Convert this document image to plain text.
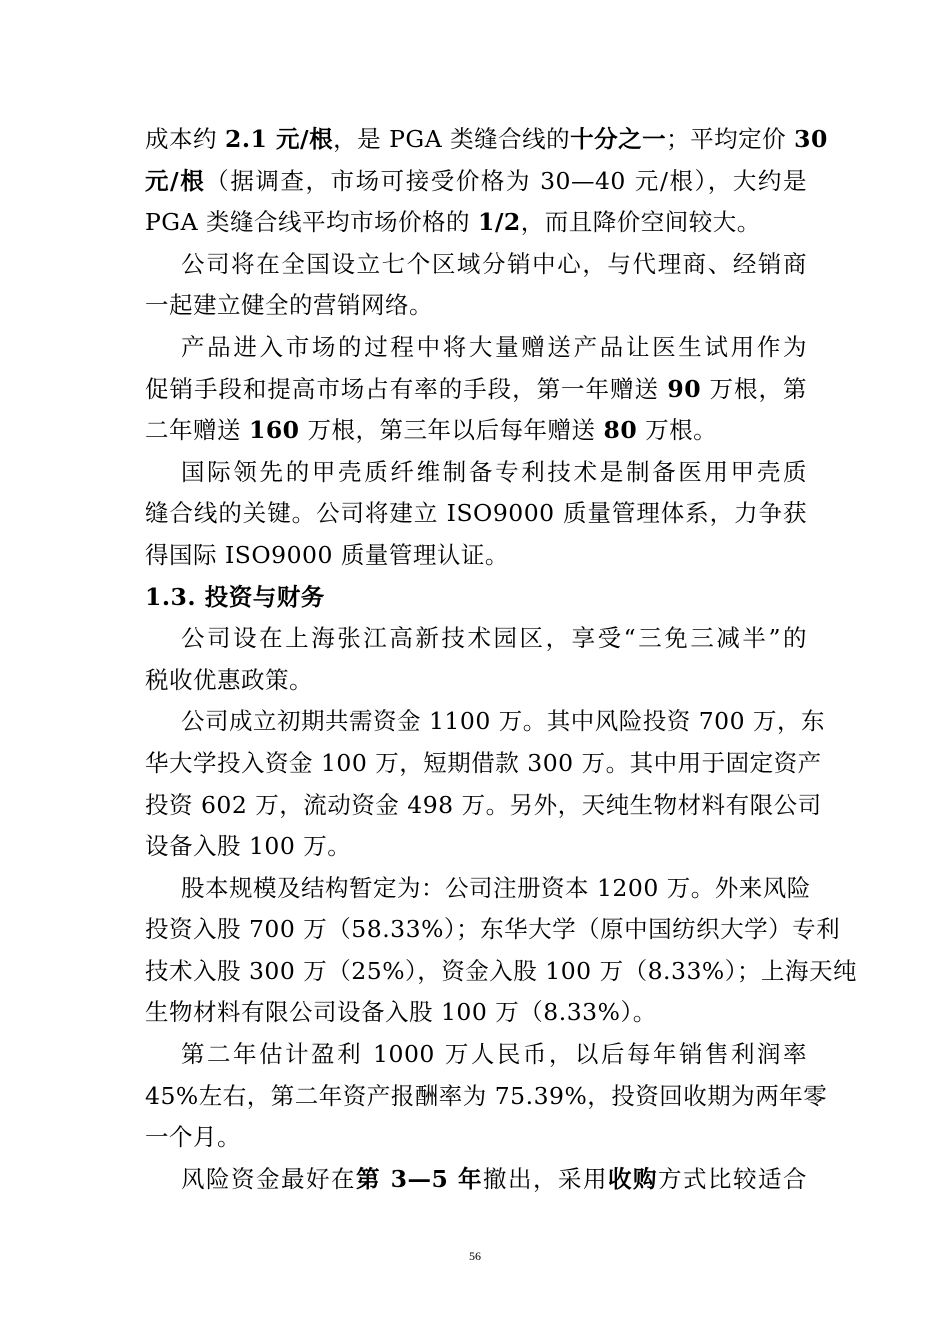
成本约 2.1 元/根，是 PGA 类缝合线的十分之一；平均定价 30
元/根（据调查，市场可接受价格为 30—40 元/根），大约是
PGA 类缝合线平均市场价格的 1/2，而且降价空间较大。
公司将在全国设立七个区域分销中心，与代理商、经销商
一起建立健全的营销网络。
产品进入市场的过程中将大量赠送产品让医生试用作为
促销手段和提高市场占有率的手段，第一年赠送 90 万根，第
二年赠送 160 万根，第三年以后每年赠送 80 万根。
国际领先的甲壳质纤维制备专利技术是制备医用甲壳质
缝合线的关键。公司将建立 ISO9000 质量管理体系，力争获
得国际 ISO9000 质量管理认证。
1.3. 投资与财务
公司设在上海张江高新技术园区，享受“三免三减半”的
税收优惠政策。
公司成立初期共需资金 1100 万。其中风险投资 700 万，东
华大学投入资金 100 万，短期借款 300 万。其中用于固定资产
投资 602 万，流动资金 498 万。另外，天纯生物材料有限公司
设备入股 100 万。
股本规模及结构暂定为：公司注册资本 1200 万。外来风险
投资入股 700 万（58.33%）；东华大学（原中国纺织大学）专利
技术入股 300 万（25%），资金入股 100 万（8.33%）；上海天纯
生物材料有限公司设备入股 100 万（8.33%）。
第二年估计盈利 1000 万人民币，以后每年销售利润率
45%左右，第二年资产报酬率为 75.39%，投资回收期为两年零
一个月。
风险资金最好在第 3—5 年撤出，采用收购方式比较适合
56
